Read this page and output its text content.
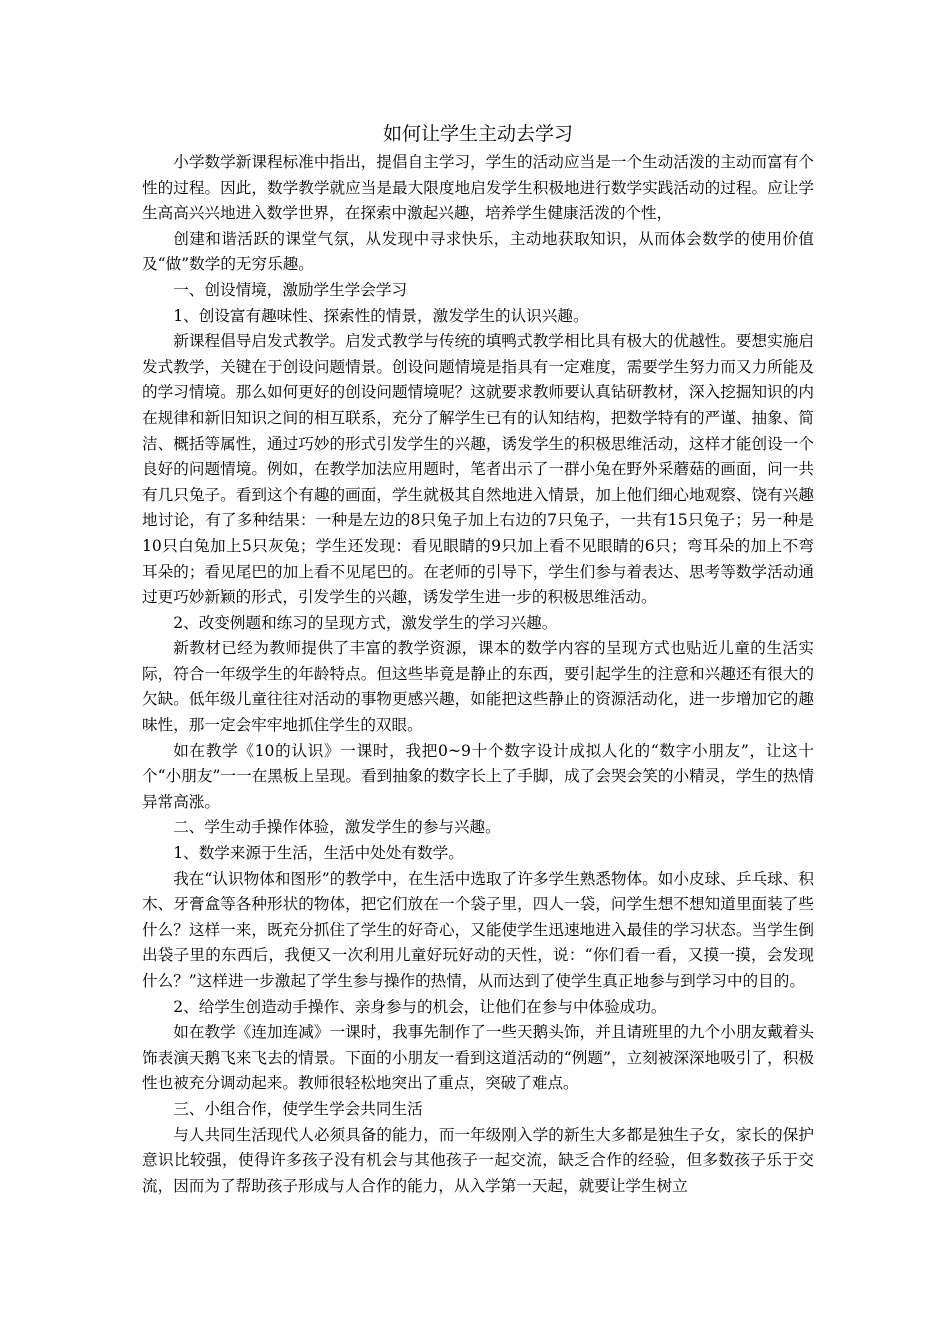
如何让学生主动去学习

小学数学新课程标准中指出，提倡自主学习，学生的活动应当是一个生动活泼的主动而富有个性的过程。因此，数学教学就应当是最大限度地启发学生积极地进行数学实践活动的过程。应让学生高高兴兴地进入数学世界，在探索中激起兴趣，培养学生健康活泼的个性，

创建和谐活跃的课堂气氛，从发现中寻求快乐，主动地获取知识，从而体会数学的使用价值及“做”数学的无穷乐趣。

一、创设情境，激励学生学会学习

1、创设富有趣味性、探索性的情景，激发学生的认识兴趣。

新课程倡导启发式教学。启发式教学与传统的填鸭式教学相比具有极大的优越性。要想实施启发式教学，关键在于创设问题情景。创设问题情境是指具有一定难度，需要学生努力而又力所能及的学习情境。那么如何更好的创设问题情境呢？这就要求教师要认真钻研教材，深入挖掘知识的内在规律和新旧知识之间的相互联系，充分了解学生已有的认知结构，把数学特有的严谨、抽象、简洁、概括等属性，通过巧妙的形式引发学生的兴趣，诱发学生的积极思维活动，这样才能创设一个良好的问题情境。例如，在教学加法应用题时，笔者出示了一群小兔在野外采蘑菇的画面，问一共有几只兔子。看到这个有趣的画面，学生就极其自然地进入情景，加上他们细心地观察、饶有兴趣地讨论，有了多种结果：一种是左边的8只兔子加上右边的7只兔子，一共有15只兔子；另一种是10只白兔加上5只灰兔；学生还发现：看见眼睛的9只加上看不见眼睛的6只；弯耳朵的加上不弯耳朵的；看见尾巴的加上看不见尾巴的。在老师的引导下，学生们参与着表达、思考等数学活动通过更巧妙新颖的形式，引发学生的兴趣，诱发学生进一步的积极思维活动。

2、改变例题和练习的呈现方式，激发学生的学习兴趣。

新教材已经为教师提供了丰富的教学资源，课本的数学内容的呈现方式也贴近儿童的生活实际，符合一年级学生的年龄特点。但这些毕竟是静止的东西，要引起学生的注意和兴趣还有很大的欠缺。低年级儿童往往对活动的事物更感兴趣，如能把这些静止的资源活动化，进一步增加它的趣味性，那一定会牢牢地抓住学生的双眼。

如在教学《10的认识》一课时，我把0~9十个数字设计成拟人化的“数字小朋友”，让这十个“小朋友”一一在黑板上呈现。看到抽象的数字长上了手脚，成了会哭会笑的小精灵，学生的热情异常高涨。

二、学生动手操作体验，激发学生的参与兴趣。

1、数学来源于生活，生活中处处有数学。

我在“认识物体和图形”的教学中，在生活中选取了许多学生熟悉物体。如小皮球、乒乓球、积木、牙膏盒等各种形状的物体，把它们放在一个袋子里，四人一袋，问学生想不想知道里面装了些什么？这样一来，既充分抓住了学生的好奇心，又能使学生迅速地进入最佳的学习状态。当学生倒出袋子里的东西后，我便又一次利用儿童好玩好动的天性，说：“你们看一看，又摸一摸，会发现什么？”这样进一步激起了学生参与操作的热情，从而达到了使学生真正地参与到学习中的目的。

2、给学生创造动手操作、亲身参与的机会，让他们在参与中体验成功。

如在教学《连加连减》一课时，我事先制作了一些天鹅头饰，并且请班里的九个小朋友戴着头饰表演天鹅飞来飞去的情景。下面的小朋友一看到这道活动的“例题”，立刻被深深地吸引了，积极性也被充分调动起来。教师很轻松地突出了重点，突破了难点。

三、小组合作，使学生学会共同生活

与人共同生活现代人必须具备的能力，而一年级刚入学的新生大多都是独生子女，家长的保护意识比较强，使得许多孩子没有机会与其他孩子一起交流，缺乏合作的经验，但多数孩子乐于交流，因而为了帮助孩子形成与人合作的能力，从入学第一天起，就要让学生树立
